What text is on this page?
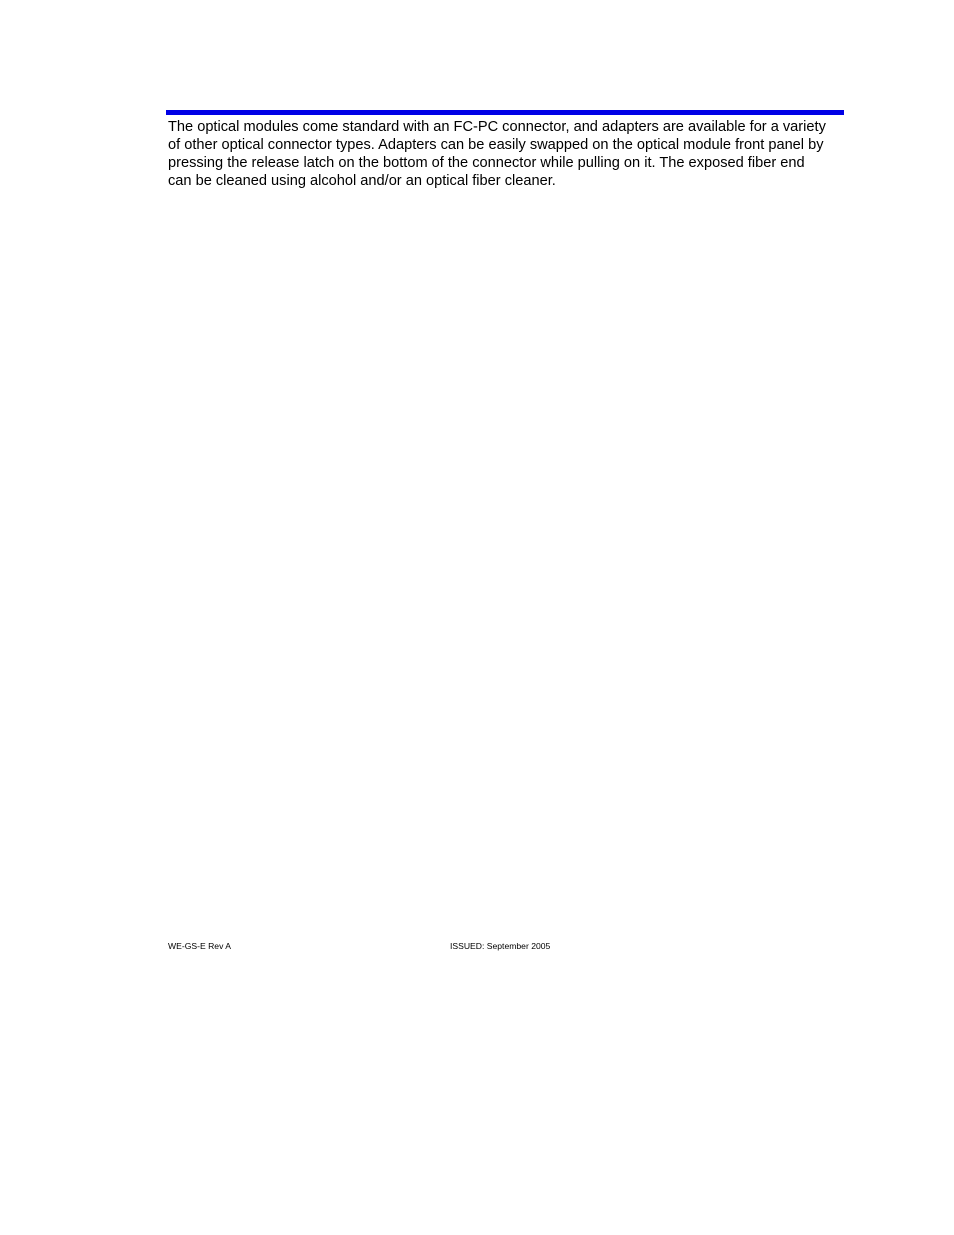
The optical modules come standard with an FC-PC connector, and adapters are available for a variety of other optical connector types. Adapters can be easily swapped on the optical module front panel by pressing the release latch on the bottom of the connector while pulling on it. The exposed fiber end can be cleaned using alcohol and/or an optical fiber cleaner.

WE-GS-E Rev A	ISSUED: September 2005
